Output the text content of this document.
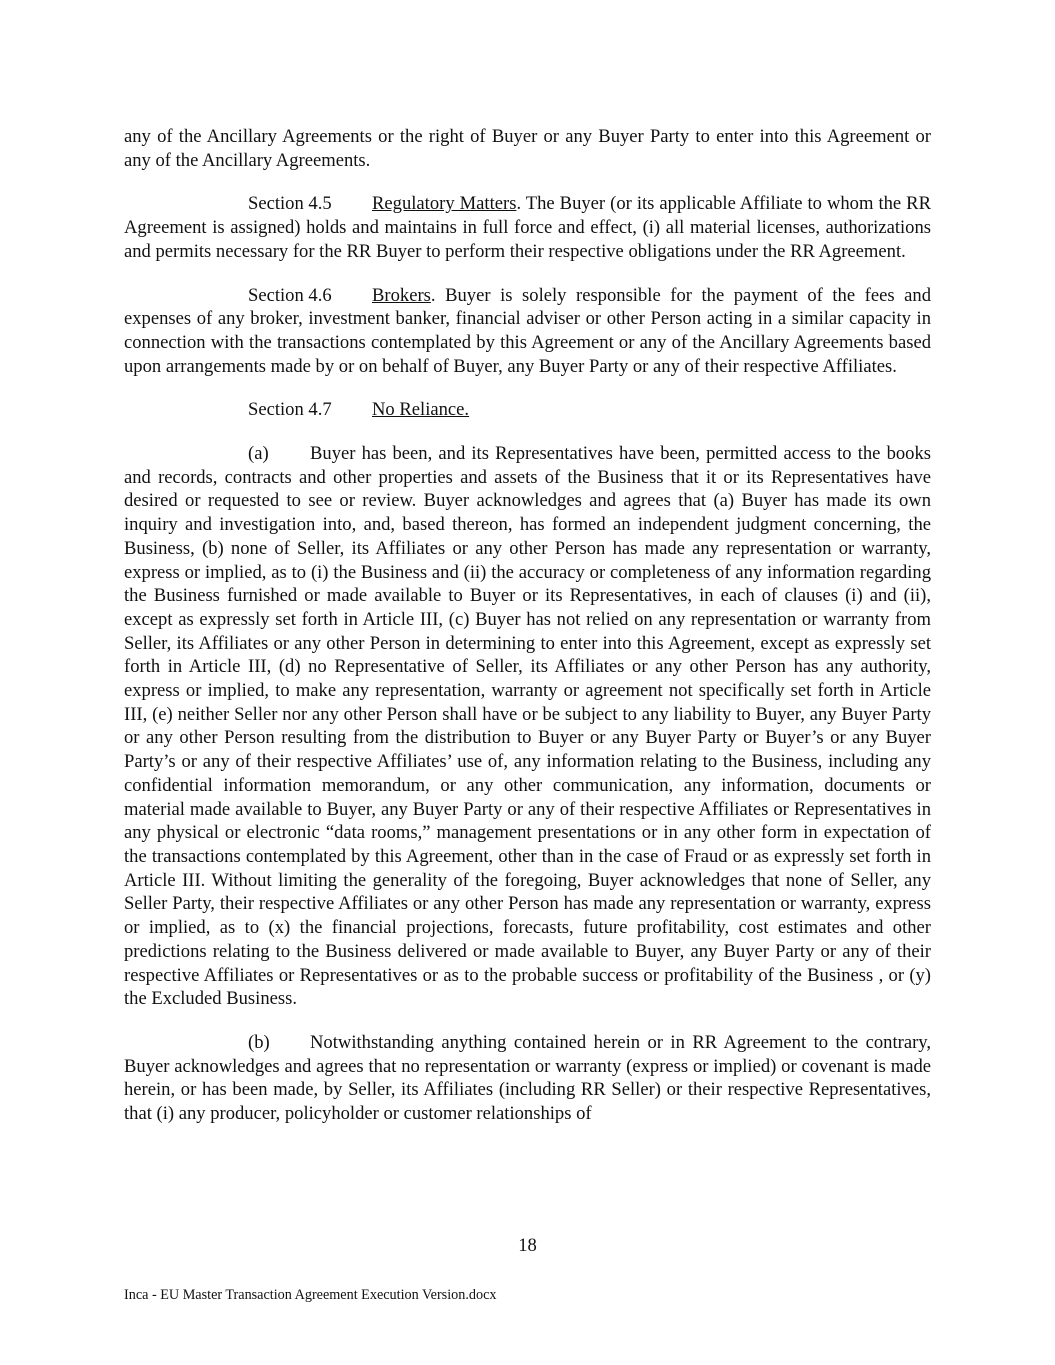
any of the Ancillary Agreements or the right of Buyer or any Buyer Party to enter into this Agreement or any of the Ancillary Agreements.

Section 4.5 Regulatory Matters. The Buyer (or its applicable Affiliate to whom the RR Agreement is assigned) holds and maintains in full force and effect, (i) all material licenses, authorizations and permits necessary for the RR Buyer to perform their respective obligations under the RR Agreement.

Section 4.6 Brokers. Buyer is solely responsible for the payment of the fees and expenses of any broker, investment banker, financial adviser or other Person acting in a similar capacity in connection with the transactions contemplated by this Agreement or any of the Ancillary Agreements based upon arrangements made by or on behalf of Buyer, any Buyer Party or any of their respective Affiliates.

Section 4.7 No Reliance.

(a) Buyer has been, and its Representatives have been, permitted access to the books and records, contracts and other properties and assets of the Business that it or its Representatives have desired or requested to see or review. Buyer acknowledges and agrees that (a) Buyer has made its own inquiry and investigation into, and, based thereon, has formed an independent judgment concerning, the Business, (b) none of Seller, its Affiliates or any other Person has made any representation or warranty, express or implied, as to (i) the Business and (ii) the accuracy or completeness of any information regarding the Business furnished or made available to Buyer or its Representatives, in each of clauses (i) and (ii), except as expressly set forth in Article III, (c) Buyer has not relied on any representation or warranty from Seller, its Affiliates or any other Person in determining to enter into this Agreement, except as expressly set forth in Article III, (d) no Representative of Seller, its Affiliates or any other Person has any authority, express or implied, to make any representation, warranty or agreement not specifically set forth in Article III, (e) neither Seller nor any other Person shall have or be subject to any liability to Buyer, any Buyer Party or any other Person resulting from the distribution to Buyer or any Buyer Party or Buyer’s or any Buyer Party’s or any of their respective Affiliates’ use of, any information relating to the Business, including any confidential information memorandum, or any other communication, any information, documents or material made available to Buyer, any Buyer Party or any of their respective Affiliates or Representatives in any physical or electronic “data rooms,” management presentations or in any other form in expectation of the transactions contemplated by this Agreement, other than in the case of Fraud or as expressly set forth in Article III. Without limiting the generality of the foregoing, Buyer acknowledges that none of Seller, any Seller Party, their respective Affiliates or any other Person has made any representation or warranty, express or implied, as to (x) the financial projections, forecasts, future profitability, cost estimates and other predictions relating to the Business delivered or made available to Buyer, any Buyer Party or any of their respective Affiliates or Representatives or as to the probable success or profitability of the Business , or (y) the Excluded Business.

(b) Notwithstanding anything contained herein or in RR Agreement to the contrary, Buyer acknowledges and agrees that no representation or warranty (express or implied) or covenant is made herein, or has been made, by Seller, its Affiliates (including RR Seller) or their respective Representatives, that (i) any producer, policyholder or customer relationships of

18
Inca - EU Master Transaction Agreement Execution Version.docx
